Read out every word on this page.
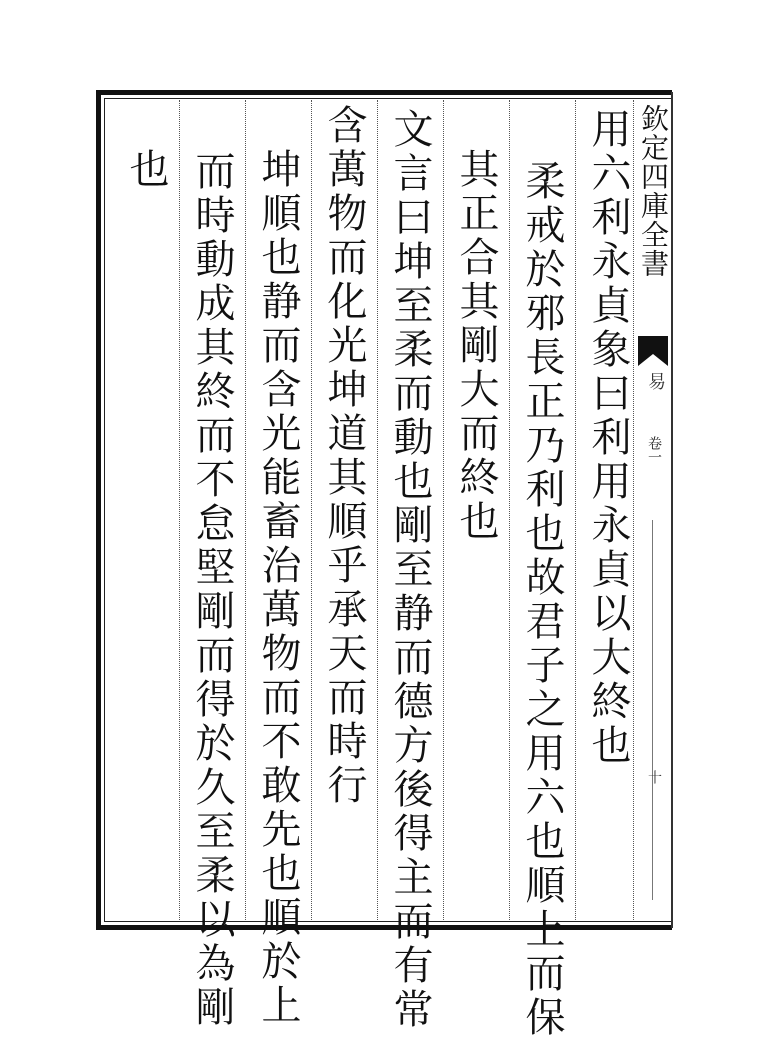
用六利永貞象曰利用永貞以大終也
柔戒於邪長正乃利也故君子之用六也順上而保
其正合其剛大而終也
文言曰坤至柔而動也剛至静而德方後得主而有常
含萬物而化光坤道其順乎承天而時行
坤順也静而含光能畜治萬物而不敢先也順於上
而時動成其終而不怠堅剛而得於久至柔以為剛
也	欽定四庫全書
易
卷一
十
